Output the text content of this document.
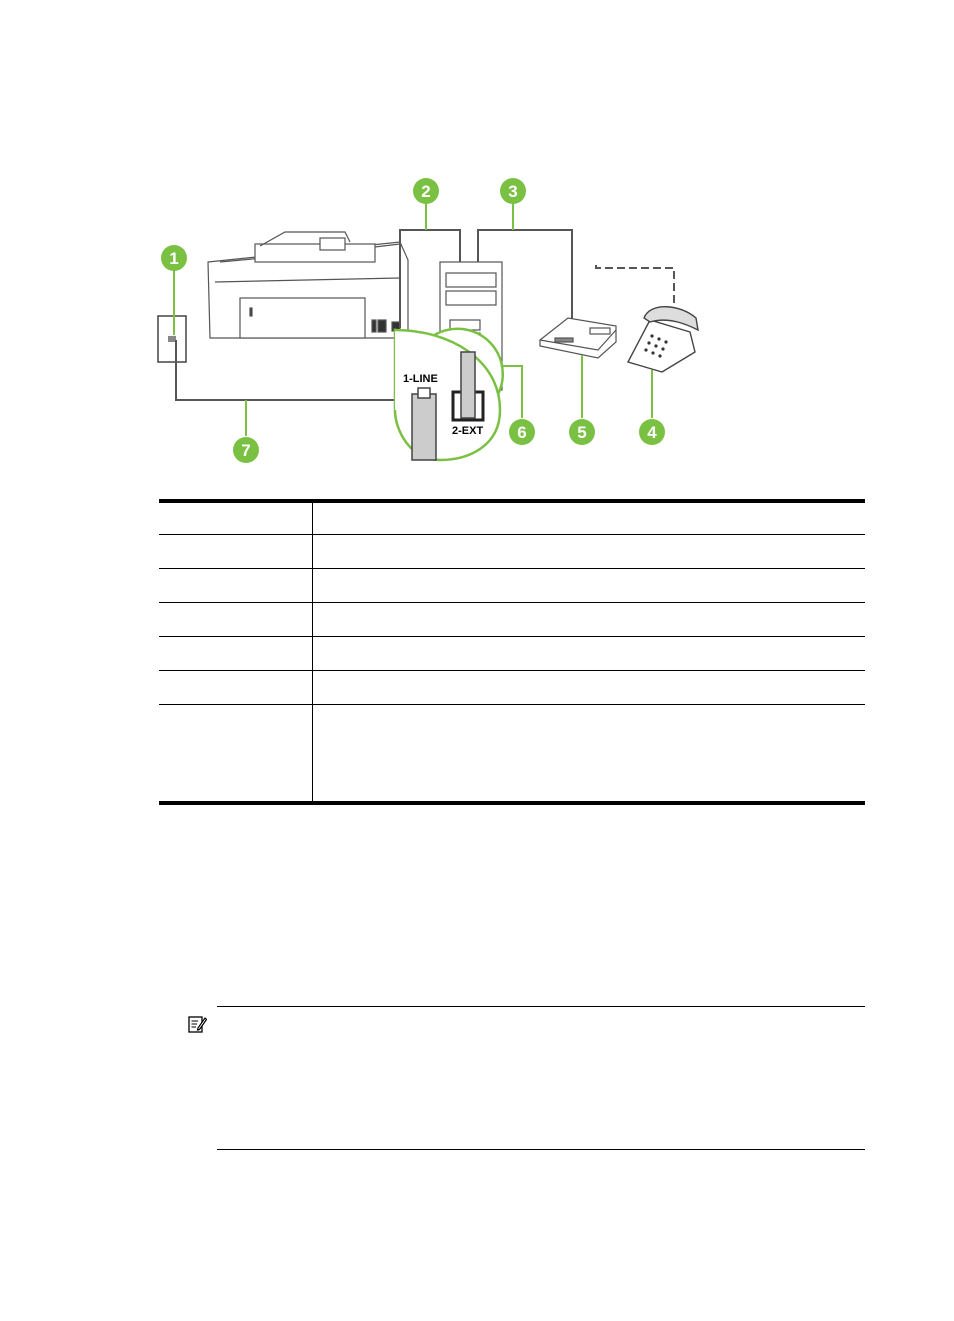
1-LINE
2-EXT
1
2	3
4
5
6
7
